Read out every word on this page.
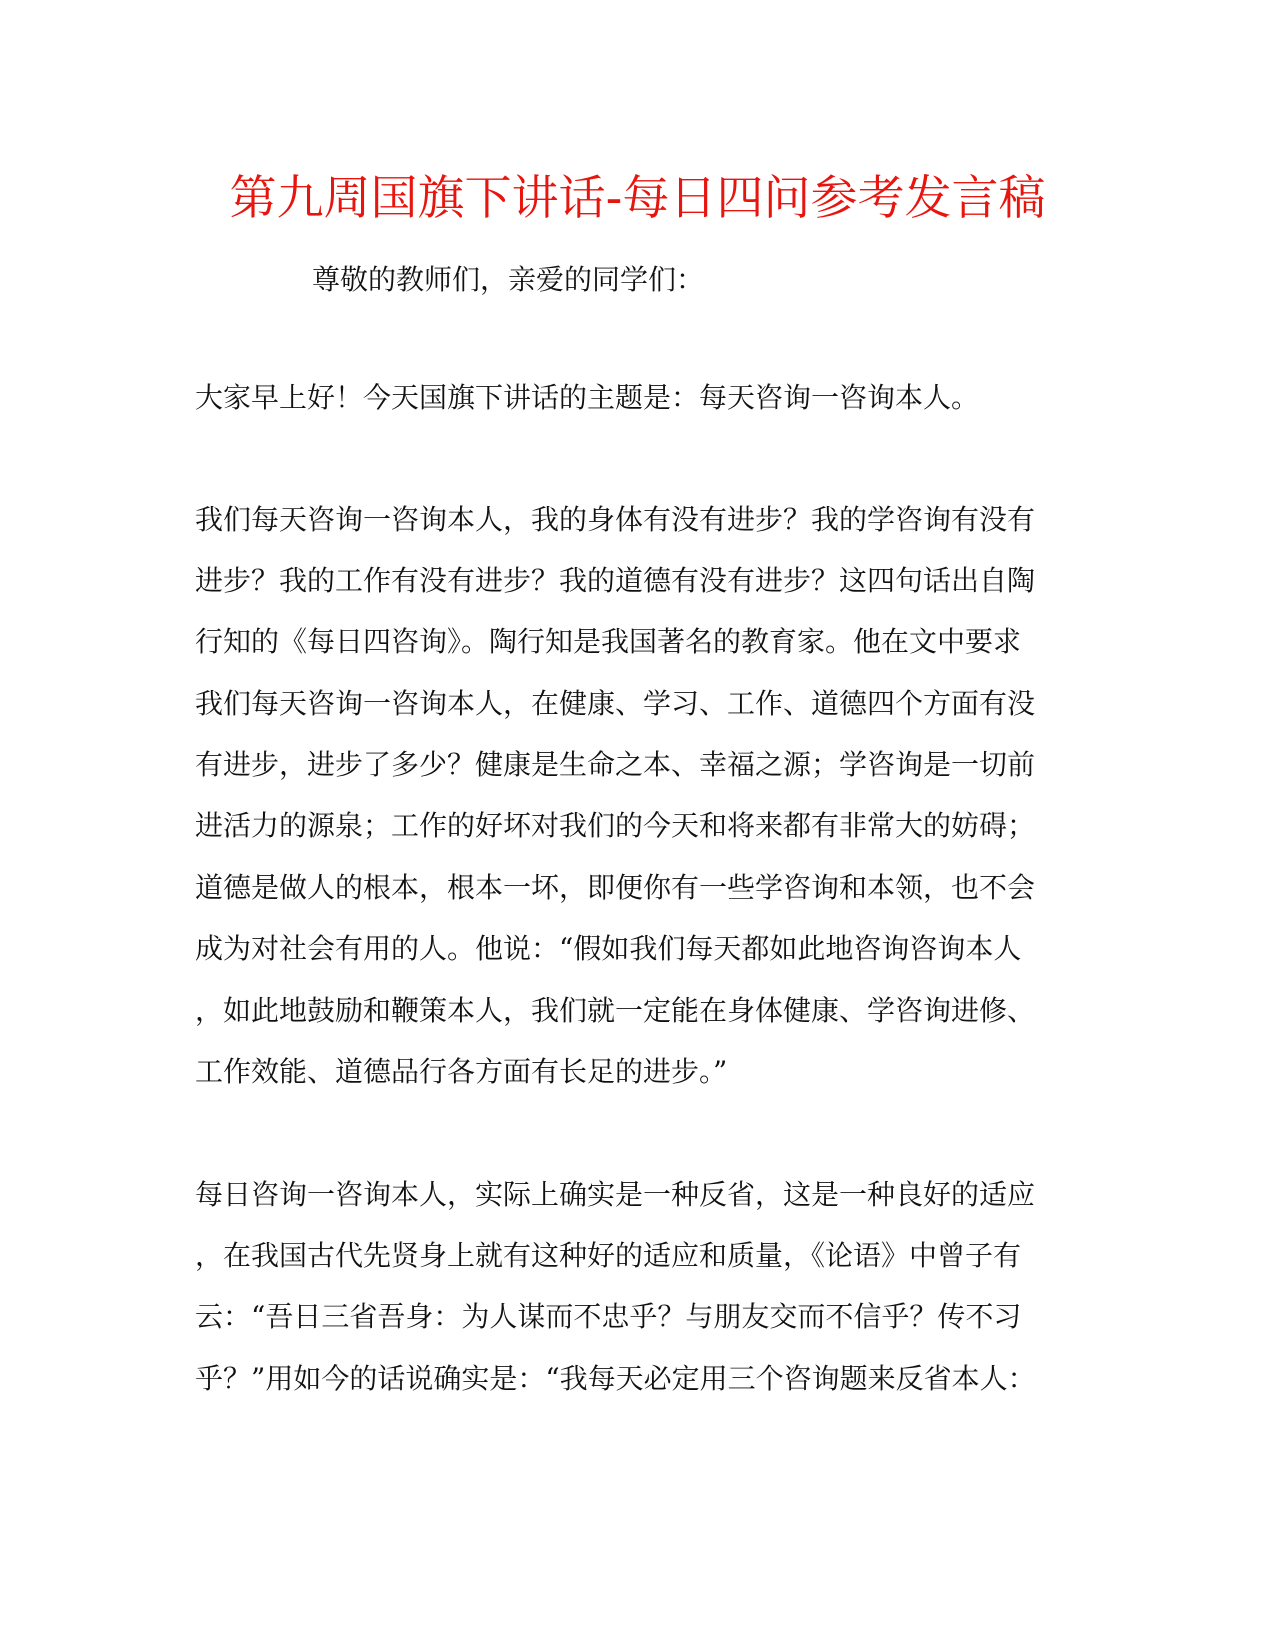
第九周国旗下讲话-每日四问参考发言稿
尊敬的教师们，亲爱的同学们：
大家早上好！今天国旗下讲话的主题是：每天咨询一咨询本人。
我们每天咨询一咨询本人，我的身体有没有进步？我的学咨询有没有
进步？我的工作有没有进步？我的道德有没有进步？这四句话出自陶
行知的《每日四咨询》。陶行知是我国著名的教育家。他在文中要求
我们每天咨询一咨询本人，在健康、学习、工作、道德四个方面有没
有进步，进步了多少？健康是生命之本、幸福之源；学咨询是一切前
进活力的源泉；工作的好坏对我们的今天和将来都有非常大的妨碍；
道德是做人的根本，根本一坏，即便你有一些学咨询和本领，也不会
成为对社会有用的人。他说：“假如我们每天都如此地咨询咨询本人
，如此地鼓励和鞭策本人，我们就一定能在身体健康、学咨询进修、
工作效能、道德品行各方面有长足的进步。”
每日咨询一咨询本人，实际上确实是一种反省，这是一种良好的适应
，在我国古代先贤身上就有这种好的适应和质量，《论语》中曾子有
云：“吾日三省吾身：为人谋而不忠乎？与朋友交而不信乎？传不习
乎？”用如今的话说确实是：“我每天必定用三个咨询题来反省本人：
